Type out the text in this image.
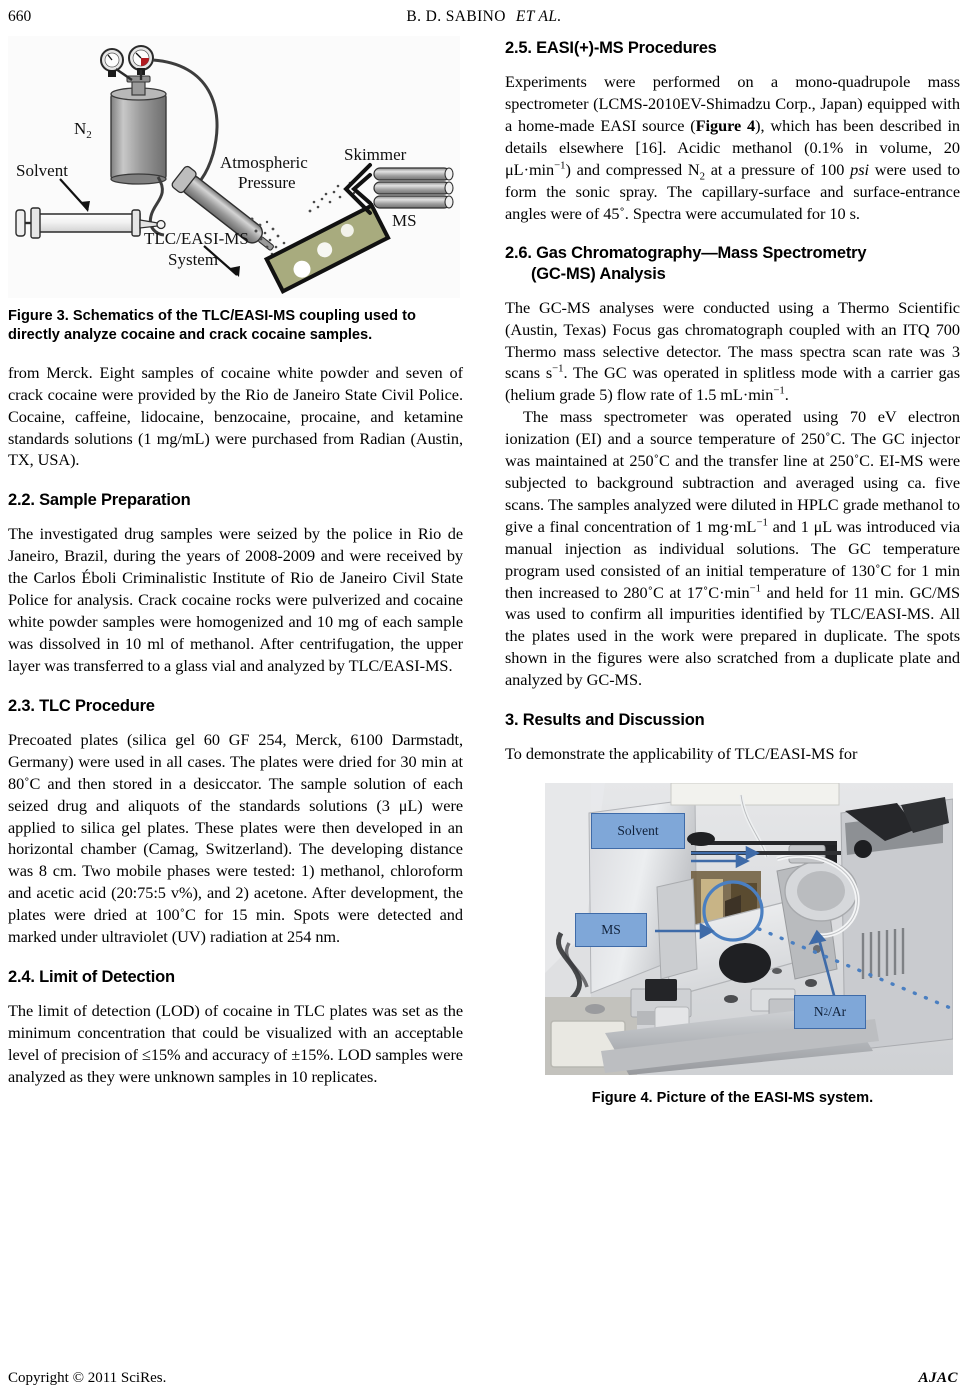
660	B. D. SABINO ET AL.
$N_2$
Solvent	Atmospheric
Pressure
Skimmer
MS
TLC/EASI-MS
System
Figure 3. Schematics of the TLC/EASI-MS coupling used to directly analyze cocaine and crack cocaine samples.

from Merck. Eight samples of cocaine white powder and seven of crack cocaine were provided by the Rio de Janeiro State Civil Police. Cocaine, caffeine, lidocaine, benzocaine, procaine, and ketamine standards solutions (1 mg/mL) were purchased from Radian (Austin, TX, USA).

2.2. Sample Preparation

The investigated drug samples were seized by the police in Rio de Janeiro, Brazil, during the years of 2008-2009 and were received by the Carlos Éboli Criminalistic Institute of Rio de Janeiro Civil State Police for analysis. Crack cocaine rocks were pulverized and cocaine white powder samples were homogenized and 10 mg of each sample was dissolved in 10 ml of methanol. After centrifugation, the upper layer was transferred to a glass vial and analyzed by TLC/EASI-MS.

2.3. TLC Procedure

Precoated plates (silica gel 60 GF 254, Merck, 6100 Darmstadt, Germany) were used in all cases. The plates were dried for 30 min at 80˚C and then stored in a desiccator. The sample solution of each seized drug and aliquots of the standards solutions (3 μL) were applied to silica gel plates. These plates were then developed in an horizontal chamber (Camag, Switzerland). The developing distance was 8 cm. Two mobile phases were tested: 1) methanol, chloroform and acetic acid (20:75:5 v%), and 2) acetone. After development, the plates were dried at 100˚C for 15 min. Spots were detected and marked under ultraviolet (UV) radiation at 254 nm.

2.4. Limit of Detection

The limit of detection (LOD) of cocaine in TLC plates was set as the minimum concentration that could be visualized with an acceptable level of precision of ≤15% and accuracy of ±15%. LOD samples were analyzed as they were unknown samples in 10 replicates.

2.5. EASI(+)-MS Procedures

Experiments were performed on a mono-quadrupole mass spectrometer (LCMS-2010EV-Shimadzu Corp., Japan) equipped with a home-made EASI source (Figure 4), which has been described in details elsewhere [16]. Acidic methanol (0.1% in volume, 20 $\mu L\cdot\min^{-1}$) and compressed $N_2$ at a pressure of 100 psi were used to form the sonic spray. The capillary-surface and surface-entrance angles were of 45˚. Spectra were accumulated for 10 s.

2.6. Gas Chromatography—Mass Spectrometry
(GC-MS) Analysis

The GC-MS analyses were conducted using a Thermo Scientific (Austin, Texas) Focus gas chromatograph coupled with an ITQ 700 Thermo mass selective detector. The mass spectra scan rate was 3 scans $s^{-1}$. The GC was operated in splitless mode with a carrier gas (helium grade 5) flow rate of 1.5 $mL\cdot\min^{-1}$.

The mass spectrometer was operated using 70 eV electron ionization (EI) and a source temperature of 250˚C. The GC injector was maintained at 250˚C and the transfer line at 250˚C. EI-MS were subjected to background subtraction and averaged using ca. five scans. The samples analyzed were diluted in HPLC grade methanol to give a final concentration of 1 $mg\cdot mL^{-1}$ and 1 μL was introduced via manual injection as individual solutions. The GC temperature program used consisted of an initial temperature of 130˚C for 1 min then increased to 280˚C at $17˚C\cdot\min^{-1}$ and held for 11 min. GC/MS was used to confirm all impurities identified by TLC/EASI-MS. All the plates used in the work were prepared in duplicate. The spots shown in the figures were also scratched from a duplicate plate and analyzed by GC-MS.

3. Results and Discussion

To demonstrate the applicability of TLC/EASI-MS for

Solvent
MS
N 2 /Ar
Figure 4. Picture of the EASI-MS system.
Copyright © 2011 SciRes.	AJAC
